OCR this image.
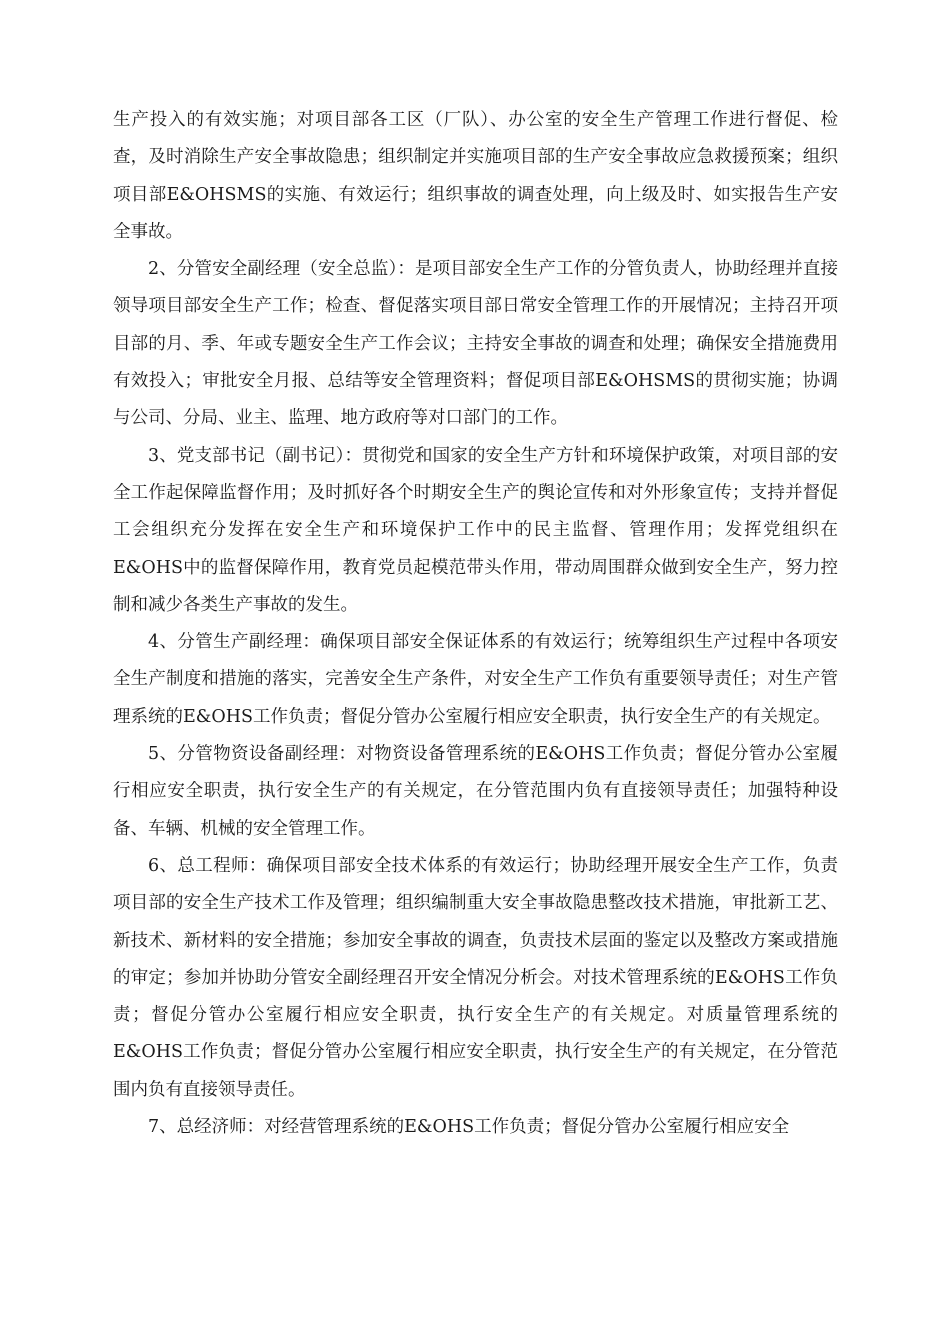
生产投入的有效实施；对项目部各工区（厂队）、办公室的安全生产管理工作进行督促、检查，及时消除生产安全事故隐患；组织制定并实施项目部的生产安全事故应急救援预案；组织项目部E&OHSMS的实施、有效运行；组织事故的调查处理，向上级及时、如实报告生产安全事故。

2、分管安全副经理（安全总监）：是项目部安全生产工作的分管负责人，协助经理并直接领导项目部安全生产工作；检查、督促落实项目部日常安全管理工作的开展情况；主持召开项目部的月、季、年或专题安全生产工作会议；主持安全事故的调查和处理；确保安全措施费用有效投入；审批安全月报、总结等安全管理资料；督促项目部E&OHSMS的贯彻实施；协调与公司、分局、业主、监理、地方政府等对口部门的工作。

3、党支部书记（副书记）：贯彻党和国家的安全生产方针和环境保护政策，对项目部的安全工作起保障监督作用；及时抓好各个时期安全生产的舆论宣传和对外形象宣传；支持并督促工会组织充分发挥在安全生产和环境保护工作中的民主监督、管理作用；发挥党组织在E&OHS中的监督保障作用，教育党员起模范带头作用，带动周围群众做到安全生产，努力控制和减少各类生产事故的发生。

4、分管生产副经理：确保项目部安全保证体系的有效运行；统筹组织生产过程中各项安全生产制度和措施的落实，完善安全生产条件，对安全生产工作负有重要领导责任；对生产管理系统的E&OHS工作负责；督促分管办公室履行相应安全职责，执行安全生产的有关规定。

5、分管物资设备副经理：对物资设备管理系统的E&OHS工作负责；督促分管办公室履行相应安全职责，执行安全生产的有关规定，在分管范围内负有直接领导责任；加强特种设备、车辆、机械的安全管理工作。

6、总工程师：确保项目部安全技术体系的有效运行；协助经理开展安全生产工作，负责项目部的安全生产技术工作及管理；组织编制重大安全事故隐患整改技术措施，审批新工艺、新技术、新材料的安全措施；参加安全事故的调查，负责技术层面的鉴定以及整改方案或措施的审定；参加并协助分管安全副经理召开安全情况分析会。对技术管理系统的E&OHS工作负责；督促分管办公室履行相应安全职责，执行安全生产的有关规定。对质量管理系统的E&OHS工作负责；督促分管办公室履行相应安全职责，执行安全生产的有关规定，在分管范围内负有直接领导责任。

7、总经济师：对经营管理系统的E&OHS工作负责；督促分管办公室履行相应安全
